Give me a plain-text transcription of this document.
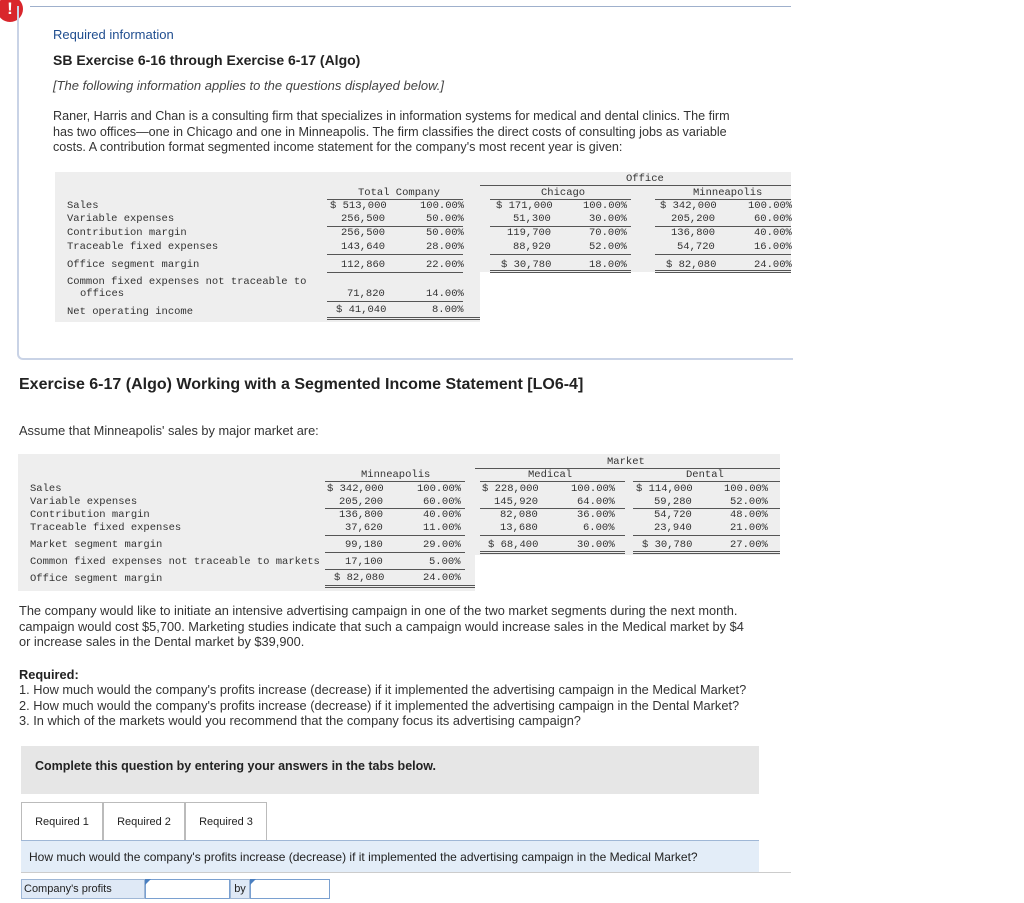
!
Required information
SB Exercise 6-16 through Exercise 6-17 (Algo)
[The following information applies to the questions displayed below.]
Raner, Harris and Chan is a consulting firm that specializes in information systems for medical and dental clinics. The firm
has two offices—one in Chicago and one in Minneapolis. The firm classifies the direct costs of consulting jobs as variable
costs. A contribution format segmented income statement for the company's most recent year is given:
Office
Total Company	Chicago	Minneapolis
Sales	$ 513,000	100.00%	$ 171,000	100.00%	$ 342,000	100.00%
Variable expenses	256,500	50.00%	51,300	30.00%	205,200	60.00%
Contribution margin	256,500	50.00%	119,700	70.00%	136,800	40.00%
Traceable fixed expenses	143,640	28.00%	88,920	52.00%	54,720	16.00%
Office segment margin	112,860	22.00%	$ 30,780	18.00%	$ 82,080	24.00%
Common fixed expenses not traceable to
offices	71,820	14.00%
Net operating income	$ 41,040	8.00%
Exercise 6-17 (Algo) Working with a Segmented Income Statement [LO6-4]
Assume that Minneapolis' sales by major market are:
Market
Minneapolis	Medical	Dental
Sales	$ 342,000	100.00% $ 228,000	100.00% $ 114,000	100.00%
Variable expenses	205,200	60.00%	145,920	64.00%	59,280	52.00%
Contribution margin	136,800	40.00%	82,080	36.00%	54,720	48.00%
Traceable fixed expenses	37,620	11.00%	13,680	6.00%	23,940	21.00%
Market segment margin	99,180	29.00%	$ 68,400	30.00%	$ 30,780	27.00%
Common fixed expenses not traceable to markets 17,100	5.00%
Office segment margin	$ 82,080	24.00%
The company would like to initiate an intensive advertising campaign in one of the two market segments during the next month.
campaign would cost $5,700. Marketing studies indicate that such a campaign would increase sales in the Medical market by $4
or increase sales in the Dental market by $39,900.
Required:
1. How much would the company's profits increase (decrease) if it implemented the advertising campaign in the Medical Market?
2. How much would the company's profits increase (decrease) if it implemented the advertising campaign in the Dental Market?
3. In which of the markets would you recommend that the company focus its advertising campaign?
Complete this question by entering your answers in the tabs below.
Required 1	Required 2	Required 3
How much would the company's profits increase (decrease) if it implemented the advertising campaign in the Medical Market?
Company's profits	by
